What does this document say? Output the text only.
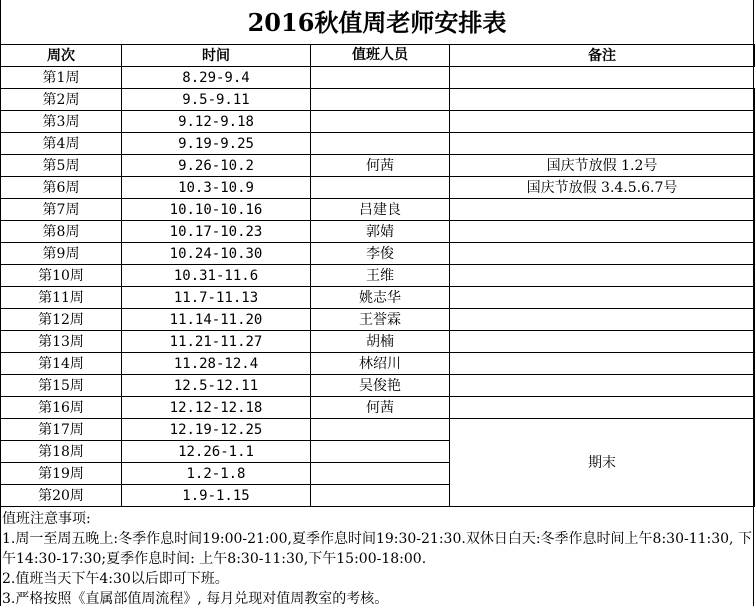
2016秋值周老师安排表
周次	时间	值班人员	备注
第1周	8.29-9.4		
第2周	9.5-9.11		
第3周	9.12-9.18		
第4周	9.19-9.25		
第5周	9.26-10.2	何茜	国庆节放假 1.2号
第6周	10.3-10.9		国庆节放假 3.4.5.6.7号
第7周	10.10-10.16	吕建良	
第8周	10.17-10.23	郭婧	
第9周	10.24-10.30	李俊	
第10周	10.31-11.6	王维	
第11周	11.7-11.13	姚志华	
第12周	11.14-11.20	王誉霖	
第13周	11.21-11.27	胡楠	
第14周	11.28-12.4	林绍川	
第15周	12.5-12.11	吴俊艳	
第16周	12.12-12.18	何茜	
第17周	12.19-12.25		期末
第18周	12.26-1.1		
第19周	1.2-1.8		
第20周	1.9-1.15		
值班注意事项:
1.周一至周五晚上:冬季作息时间19:00-21:00,夏季作息时间19:30-21:30.双休日白天:冬季作息时间上午8:30-11:30, 下午14:30-17:30;夏季作息时间: 上午8:30-11:30,下午15:00-18:00.
2.值班当天下午4:30以后即可下班。
3.严格按照《直属部值周流程》, 每月兑现对值周教室的考核。
